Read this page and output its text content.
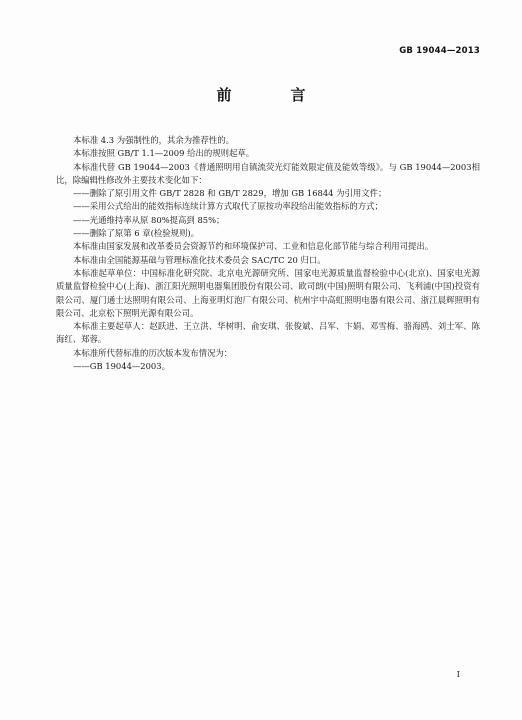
GB 19044—2013
前　言

本标准 4.3 为强制性的，其余为推荐性的。

本标准按照 GB/T 1.1—2009 给出的规则起草。

本标准代替 GB 19044—2003《普通照明用自镇流荧光灯能效限定值及能效等级》。与 GB 19044—2003相比，除编辑性修改外主要技术变化如下：

——删除了原引用文件 GB/T 2828 和 GB/T 2829，增加 GB 16844 为引用文件；

——采用公式给出的能效指标连续计算方式取代了原按功率段给出能效指标的方式；

——光通维持率从原 80%提高到 85%；

——删除了原第 6 章(检验规则)。

本标准由国家发展和改革委员会资源节约和环境保护司、工业和信息化部节能与综合利用司提出。

本标准由全国能源基础与管理标准化技术委员会 SAC/TC 20 归口。

本标准起草单位：中国标准化研究院、北京电光源研究所、国家电光源质量监督检验中心(北京)、国家电光源质量监督检验中心(上海)、浙江阳光照明电器集团股份有限公司、欧司朗(中国)照明有限公司、飞利浦(中国)投资有限公司、厦门通士达照明有限公司、上海亚明灯泡厂有限公司、杭州宇中高虹照明电器有限公司、浙江晨辉照明有限公司、北京松下照明光源有限公司。

本标准主要起草人：赵跃进、王立洪、华树明、俞安琪、张俊斌、吕军、卞娟、邓雪梅、骆海鸥、刘士军、陈海红、郑蓉。

本标准所代替标准的历次版本发布情况为：

——GB 19044—2003。

I
